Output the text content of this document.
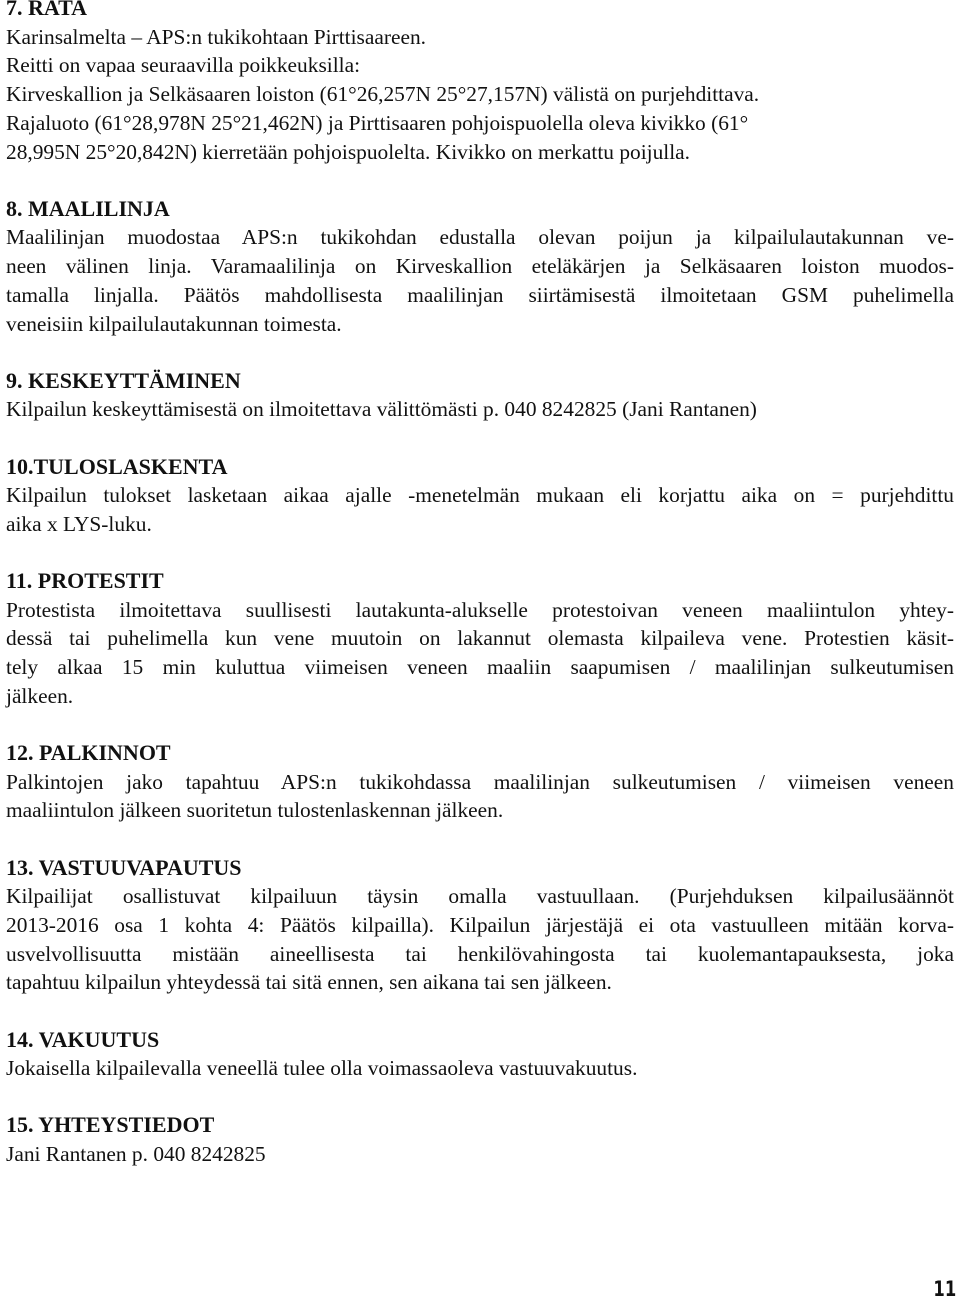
7. RATA
Karinsalmelta – APS:n tukikohtaan Pirttisaareen.
Reitti on vapaa seuraavilla poikkeuksilla:
Kirveskallion ja Selkäsaaren loiston (61°26,257N 25°27,157N) välistä on purjehdittava.
Rajaluoto (61°28,978N 25°21,462N) ja Pirttisaaren pohjoispuolella oleva kivikko (61°
28,995N 25°20,842N) kierretään pohjoispuolelta. Kivikko on merkattu poijulla.
8. MAALILINJA
Maalilinjan muodostaa APS:n tukikohdan edustalla olevan poijun ja kilpailulautakunnan ve-
neen välinen linja. Varamaalilinja on Kirveskallion eteläkärjen ja Selkäsaaren loiston muodos-
tamalla linjalla. Päätös mahdollisesta maalilinjan siirtämisestä ilmoitetaan GSM puhelimella
veneisiin kilpailulautakunnan toimesta.
9. KESKEYTTÄMINEN
Kilpailun keskeyttämisestä on ilmoitettava välittömästi p. 040 8242825 (Jani Rantanen)
10.TULOSLASKENTA
Kilpailun tulokset lasketaan aikaa ajalle -menetelmän mukaan eli korjattu aika on = purjehdittu
aika x LYS-luku.
11. PROTESTIT
Protestista ilmoitettava suullisesti lautakunta-alukselle protestoivan veneen maaliintulon yhtey-
dessä tai puhelimella kun vene muutoin on lakannut olemasta kilpaileva vene. Protestien käsit-
tely alkaa 15 min kuluttua viimeisen veneen maaliin saapumisen / maalilinjan sulkeutumisen
jälkeen.
12. PALKINNOT
Palkintojen jako tapahtuu APS:n tukikohdassa maalilinjan sulkeutumisen / viimeisen veneen
maaliintulon jälkeen suoritetun tulostenlaskennan jälkeen.
13. VASTUUVAPAUTUS
Kilpailijat osallistuvat kilpailuun täysin omalla vastuullaan. (Purjehduksen kilpailusäännöt
2013-2016 osa 1 kohta 4: Päätös kilpailla). Kilpailun järjestäjä ei ota vastuulleen mitään korva-
usvelvollisuutta mistään aineellisesta tai henkilövahingosta tai kuolemantapauksesta, joka
tapahtuu kilpailun yhteydessä tai sitä ennen, sen aikana tai sen jälkeen.
14. VAKUUTUS
Jokaisella kilpailevalla veneellä tulee olla voimassaoleva vastuuvakuutus.
15. YHTEYSTIEDOT
Jani Rantanen p. 040 8242825
11
